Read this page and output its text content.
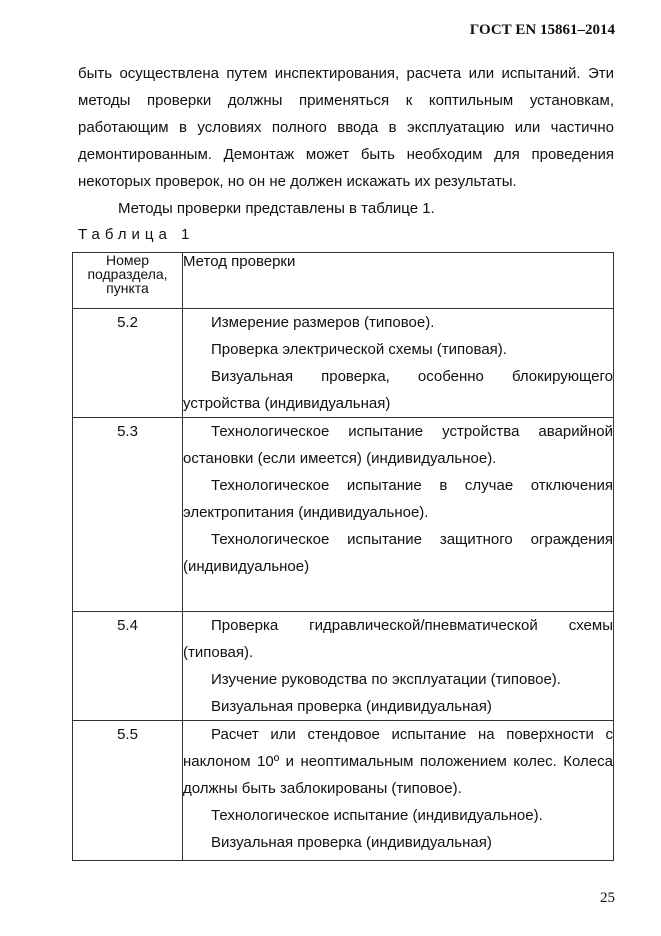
ГОСТ EN 15861–2014

быть осуществлена путем инспектирования, расчета или испытаний. Эти методы проверки должны применяться к коптильным установкам, работающим в условиях полного ввода в эксплуатацию или частично демонтированным. Демонтаж может быть необходим для проведения некоторых проверок, но он не должен искажать их результаты.

Методы проверки представлены в таблице 1.

Таблица 1

Номер подраздела, пункта	Метод проверки
5.2	Измерение размеров (типовое).

Проверка электрической схемы (типовая).

Визуальная проверка, особенно блокирующего устройства (индивидуальная)

5.3	Технологическое испытание устройства аварийной остановки (если имеется) (индивидуальное).

Технологическое испытание в случае отключения электропитания (индивидуальное).

Технологическое испытание защитного ограждения (индивидуальное)

5.4	Проверка гидравлической/пневматической схемы (типовая).

Изучение руководства по эксплуатации (типовое).

Визуальная проверка (индивидуальная)

5.5	Расчет или стендовое испытание на поверхности с наклоном 10º и неоптимальным положением колес. Колеса должны быть заблокированы (типовое).

Технологическое испытание (индивидуальное).

Визуальная проверка (индивидуальная)

25
